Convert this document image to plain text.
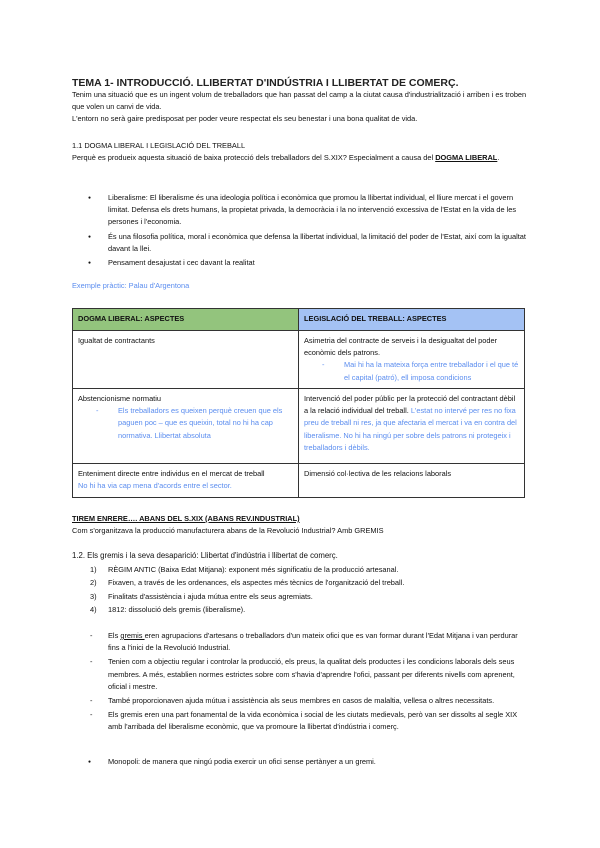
TEMA 1- INTRODUCCIÓ. LLIBERTAT D'INDÚSTRIA I LLIBERTAT DE COMERÇ.
Tenim una situació que es un ingent volum de treballadors que han passat del camp a la ciutat causa d'industrialització i arriben i es troben que volen un canvi de vida.
L'entorn no serà gaire predisposat per poder veure respectat els seu benestar i una bona qualitat de vida.
1.1 DOGMA LIBERAL I LEGISLACIÓ DEL TREBALL
Perquè es produeix aquesta situació de baixa protecció dels treballadors del S.XIX? Especialment a causa del DOGMA LIBERAL.
● Liberalisme: El liberalisme és una ideologia política i econòmica que promou la llibertat individual, el lliure mercat i el govern limitat. Defensa els drets humans, la propietat privada, la democràcia i la no intervenció excessiva de l'Estat en la vida de les persones i l'economia.
● És una filosofia política, moral i econòmica que defensa la llibertat individual, la limitació del poder de l'Estat, així com la igualtat davant la llei.
● Pensament desajustat i cec davant la realitat
Exemple pràctic: Palau d'Argentona
DOGMA LIBERAL: ASPECTES	LEGISLACIÓ DEL TREBALL: ASPECTES

Igualtat de contractants	Asimetria del contracte de serveis i la desigualtat del poder econòmic dels patrons.
- Mai hi ha la mateixa força entre treballador i el que té el capital (patró), ell imposa condicions

Abstencionisme normatiu
- Els treballadors es queixen perquè creuen que els paguen poc – que es queixin, total no hi ha cap normativa. Llibertat absoluta	Intervenció del poder públic per la protecció del contractant dèbil a la relació individual del treball. L'estat no intervé per res no fixa preu de treball ni res, ja que afectaria el mercat i va en contra del liberalisme. No hi ha ningú per sobre dels patrons ni protegeix i treballadors i dèbils.

Enteniment directe entre individus en el mercat de treball
No hi ha via cap mena d'acords entre el sector.	Dimensió col·lectiva de les relacions laborals
TIREM ENRERE…. ABANS DEL S.XIX (ABANS REV.INDUSTRIAL)
Com s'organitzava la producció manufacturera abans de la Revolució Industrial? Amb GREMIS
1.2. Els gremis i la seva desaparició: Llibertat d'indústria i llibertat de comerç.
1) RÈGIM ANTIC (Baixa Edat Mitjana): exponent més significatiu de la producció artesanal.
2) Fixaven, a través de les ordenances, els aspectes més tècnics de l'organització del treball.
3) Finalitats d'assistència i ajuda mútua entre els seus agremiats.
4) 1812: dissolució dels gremis (liberalisme).
- Els gremis eren agrupacions d'artesans o treballadors d'un mateix ofici que es van formar durant l'Edat Mitjana i van perdurar fins a l'inici de la Revolució Industrial.
- Tenien com a objectiu regular i controlar la producció, els preus, la qualitat dels productes i les condicions laborals dels seus membres. A més, establien normes estrictes sobre com s'havia d'aprendre l'ofici, passant per diferents nivells com aprenent, oficial i mestre.
- També proporcionaven ajuda mútua i assistència als seus membres en casos de malaltia, vellesa o altres necessitats.
- Els gremis eren una part fonamental de la vida econòmica i social de les ciutats medievals, però van ser dissolts al segle XIX amb l'arribada del liberalisme econòmic, que va promoure la llibertat d'indústria i comerç.
● Monopoli: de manera que ningú podia exercir un ofici sense pertànyer a un gremi.
